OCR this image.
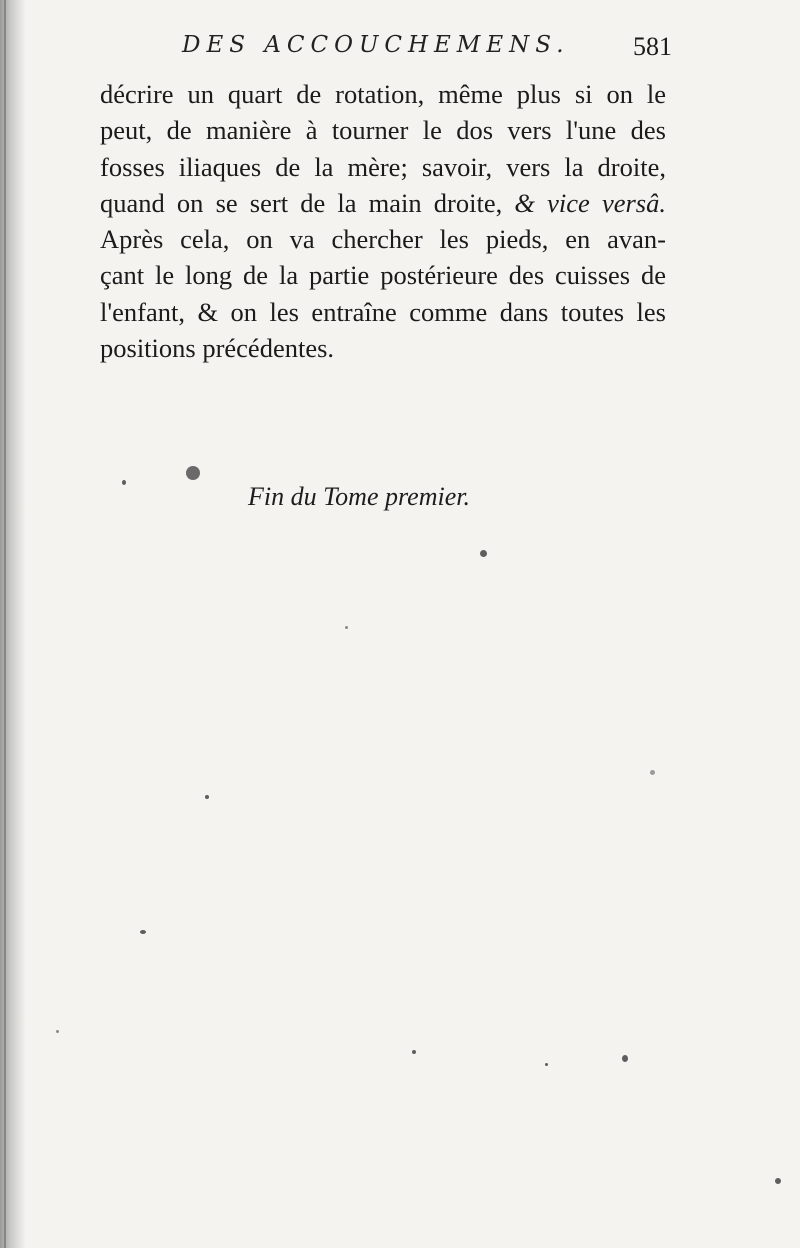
DES ACCOUCHEMENS. 581
décrire un quart de rotation, même plus si on le
peut, de manière à tourner le dos vers l'une des
fosses iliaques de la mère; savoir, vers la droite,
quand on se sert de la main droite, & vice versâ.
Après cela, on va chercher les pieds, en avan-
çant le long de la partie postérieure des cuisses de
l'enfant, & on les entraîne comme dans toutes les
positions précédentes.
Fin du Tome premier.
